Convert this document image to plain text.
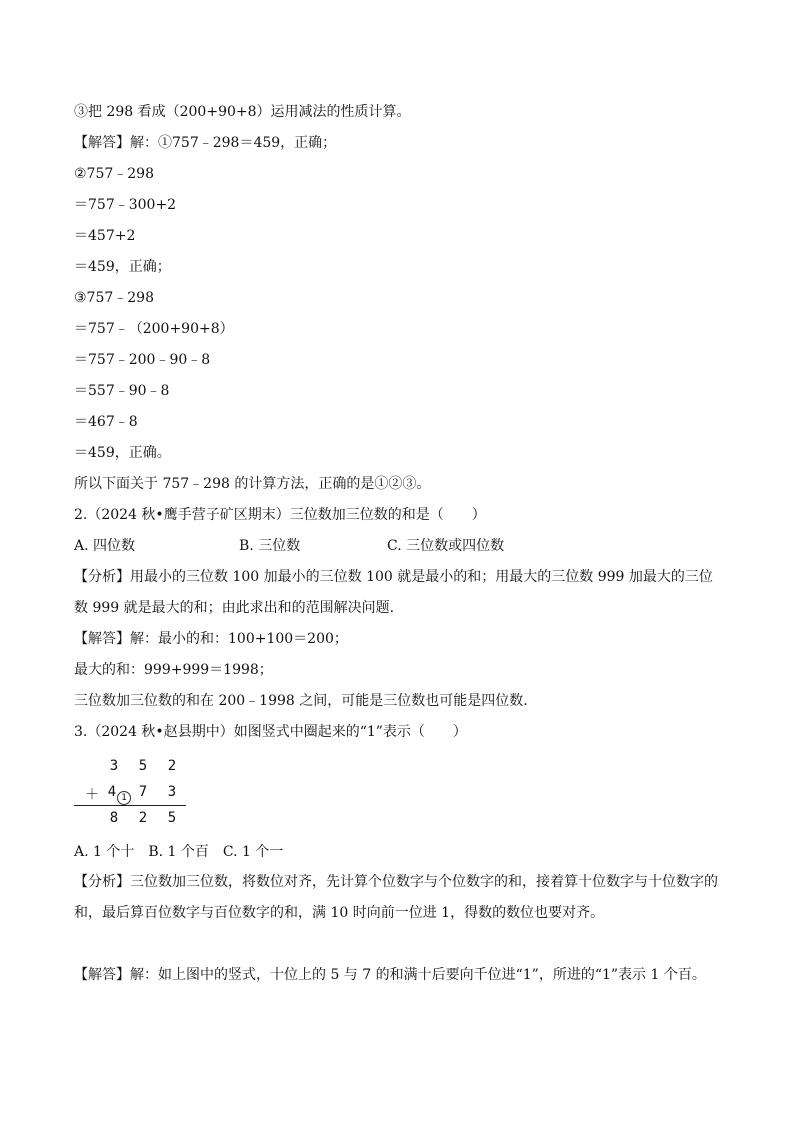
③把 298 看成（200+90+8）运用减法的性质计算。
【解答】解：①757﹣298＝459，正确；
②757﹣298
＝757﹣300+2
＝457+2
＝459，正确；
③757﹣298
＝757﹣（200+90+8）
＝757﹣200﹣90﹣8
＝557﹣90﹣8
＝467﹣8
＝459，正确。
所以下面关于 757﹣298 的计算方法，正确的是①②③。
2.（2024 秋•鹰手营子矿区期末）三位数加三位数的和是（　　）
A. 四位数	B. 三位数	C. 三位数或四位数
【分析】用最小的三位数 100 加最小的三位数 100 就是最小的和；用最大的三位数 999 加最大的三位数 999 就是最大的和；由此求出和的范围解决问题.
【解答】解：最小的和：100+100＝200；
最大的和：999+999＝1998；
三位数加三位数的和在 200﹣1998 之间，可能是三位数也可能是四位数.
3.（2024 秋•赵县期中）如图竖式中圈起来的“1”表示（　　）
3 5 2
＋ 4 1 7 3
8 2 5
A. 1 个十　B. 1 个百　C. 1 个一
【分析】三位数加三位数，将数位对齐，先计算个位数字与个位数字的和，接着算十位数字与十位数字的和，最后算百位数字与百位数字的和，满 10 时向前一位进 1，得数的数位也要对齐。
【解答】解：如上图中的竖式，十位上的 5 与 7 的和满十后要向千位进“1”，所进的“1”表示 1 个百。
